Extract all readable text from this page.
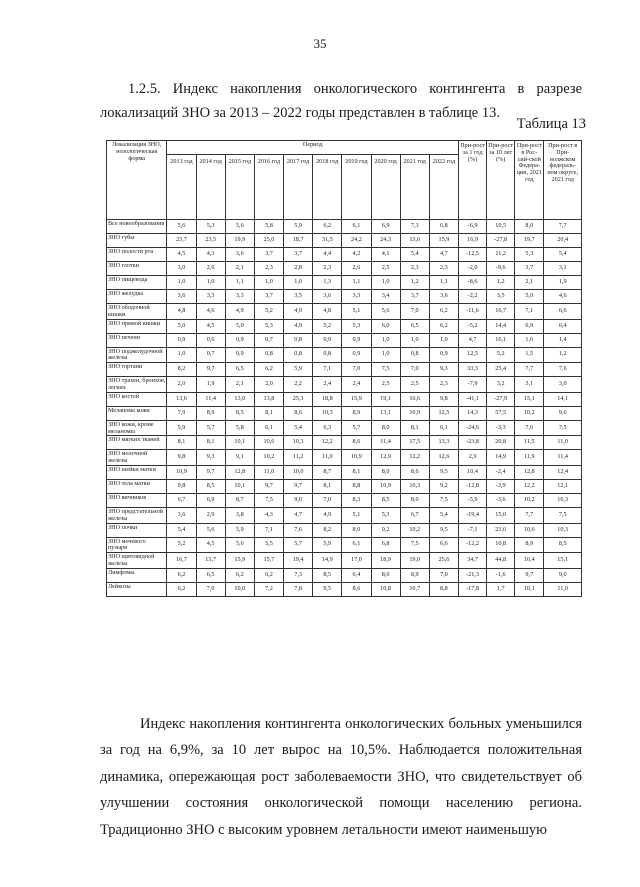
35

1.2.5. Индекс накопления онкологического контингента в разрезе локализаций ЗНО за 2013 – 2022 годы представлен в таблице 13.

Таблица 13
Локализация ЗНО, нозологическая форма	Период										При-рост за 1 год (%)	При-рост за 10 лет (%)	При-рост в Рос-сий-ской Федера-ции, 2021 год	При-рост в При-волжском федераль-ном округе, 2021 год
	2013 год	2014 год	2015 год	2016 год	2017 год	2018 год	2019 год	2020 год	2021 год	2022 год				
Все новообразования	5,6	5,3	5,6	5,8	5,9	6,2	6,1	6,9	7,3	6,8	-6,9	10,5	8,0	7,7
ЗНО губы	23,7	23,5	19,9	25,0	18,7	31,5	24,2	24,3	13,6	15,9	16,9	-27,8	19,7	20,4
ЗНО полости рта	4,5	4,3	3,6	3,7	3,7	4,4	4,2	4,1	5,4	4,7	-12,5	11,2	5,3	5,4
ЗНО глотки	3,0	2,6	2,1	2,3	2,8	2,3	2,6	2,5	2,3	2,3	-2,0	-9,6	3,7	3,1
ЗНО пищевода	1,0	1,0	1,1	1,0	1,0	1,3	1,1	1,0	1,2	1,1	-8,6	1,2	2,1	1,9
ЗНО желудка	3,6	3,3	3,3	3,7	3,5	3,6	3,3	3,4	3,7	3,6	-2,2	3,5	5,0	4,6
ЗНО ободочной кишки	4,8	4,6	4,9	5,2	4,9	4,8	5,1	5,6	7,0	6,2	-11,6	16,7	7,1	6,6
ЗНО прямой кишки	5,0	4,5	5,0	5,3	4,9	5,2	5,3	6,0	6,5	6,2	-5,2	14,4	6,9	6,4
ЗНО печени	0,9	0,6	0,9	0,7	0,8	0,9	0,9	1,0	1,0	1,0	4,7	16,1	1,6	1,4
ЗНО поджелудочной железы	1,0	0,7	0,9	0,8	0,8	0,8	0,9	1,0	0,8	0,9	12,5	5,2	1,5	1,2
ЗНО гортани	8,2	9,7	6,5	6,2	5,9	7,1	7,0	7,5	7,0	9,3	33,3	25,4	7,7	7,6
ЗНО трахеи, бронхов, легких	2,0	1,9	2,1	2,0	2,2	2,4	2,4	2,5	2,5	2,3	-7,9	3,2	3,1	3,0
ЗНО костей	13,6	11,4	13,0	13,8	25,3	18,8	15,9	19,1	16,6	9,8	-41,1	-27,9	15,1	14,1
Меланома кожи	7,9	8,9	8,5	8,1	8,6	10,3	8,9	13,1	10,9	12,5	14,3	57,5	10,2	9,6
ЗНО кожи, кроме меланомы	5,9	5,7	5,8	6,1	5,4	6,3	5,7	8,0	8,1	6,1	-24,6	-3,3	7,6	7,5
ЗНО мягких тканей	8,1	8,1	10,1	10,6	10,3	12,2	8,6	11,4	17,5	13,3	-23,8	20,8	11,5	11,0
ЗНО молочной железы	9,8	9,3	9,1	10,2	11,2	11,0	10,9	12,9	12,2	12,6	2,9	14,9	11,9	11,4
ЗНО шейки матки	10,9	9,7	12,8	11,0	10,0	8,7	8,1	8,0	8,6	9,5	10,4	-2,4	12,8	12,4
ЗНО тела матки	9,8	8,5	10,1	9,7	9,7	8,1	8,8	10,9	10,3	9,2	-12,8	-3,9	12,2	12,1
ЗНО яичников	6,7	6,9	8,7	7,5	9,0	7,0	8,3	8,5	8,0	7,5	-5,9	-3,6	10,2	10,3
ЗНО предстательной железы	3,6	2,9	3,8	4,3	4,7	4,9	5,1	5,3	6,7	5,4	-19,4	15,0	7,7	7,5
ЗНО почки	5,4	5,6	5,9	7,1	7,6	8,2	8,0	9,2	10,2	9,5	-7,1	23,6	10,6	10,3
ЗНО мочевого пузыря	5,2	4,5	5,6	5,5	5,7	5,9	6,1	6,8	7,5	6,6	-12,2	10,8	8,9	8,5
ЗНО щитовидной железы	16,7	13,7	15,9	15,7	19,4	14,9	17,0	18,9	19,0	25,6	34,7	44,8	16,4	15,1
Лимфомы	6,2	6,5	6,2	6,2	7,3	8,5	6,4	8,0	8,9	7,0	-21,3	-1,6	9,7	9,0
Лейкозы	6,2	7,0	10,0	7,2	7,8	9,5	8,6	10,8	10,7	8,8	-17,8	1,7	10,1	11,0

Индекс накопления контингента онкологических больных уменьшился за год на 6,9%, за 10 лет вырос на 10,5%. Наблюдается положительная динамика, опережающая рост заболеваемости ЗНО, что свидетельствует об улучшении состояния онкологической помощи населению региона. Традиционно ЗНО с высоким уровнем летальности имеют наименьшую
